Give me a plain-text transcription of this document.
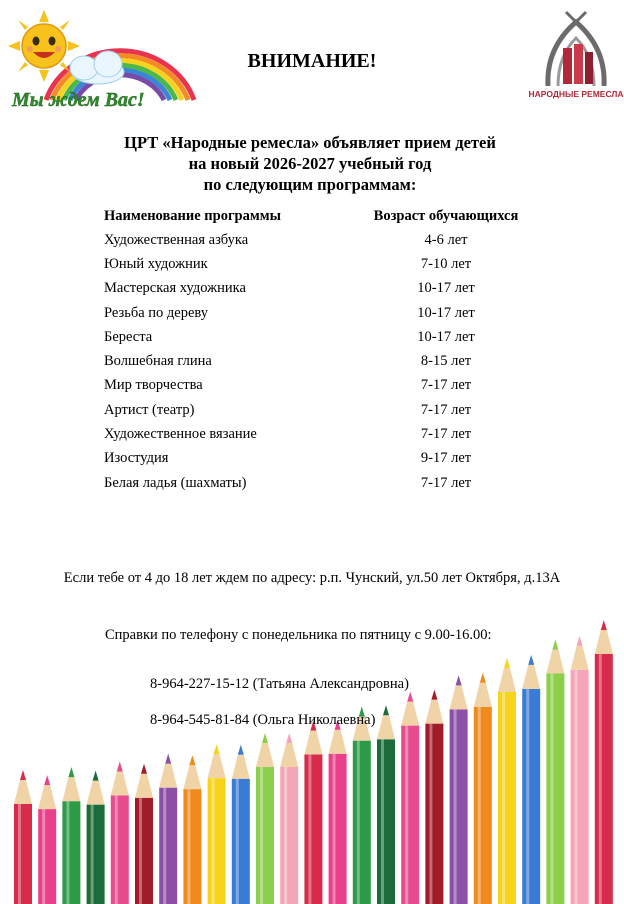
Мы ждем Вас!	НАРОДНЫЕ РЕМЕСЛА
ВНИМАНИЕ!
ЦРТ «Народные ремесла» объявляет прием детей
на новый 2026-2027 учебный год
по следующим программам:
Наименование программы	Возраст обучающихся
Художественная азбука	4-6 лет
Юный художник	7-10 лет
Мастерская художника	10-17 лет
Резьба по дереву	10-17 лет
Береста	10-17 лет
Волшебная глина	8-15 лет
Мир творчества	7-17 лет
Артист (театр)	7-17 лет
Художественное вязание	7-17 лет
Изостудия	9-17 лет
Белая ладья (шахматы)	7-17 лет
Если тебе от 4 до 18 лет ждем по адресу: р.п. Чунский, ул.50 лет Октября, д.13А
Справки по телефону с понедельника по пятницу с 9.00-16.00:
8-964-227-15-12 (Татьяна Александровна)
8-964-545-81-84 (Ольга Николаевна)
